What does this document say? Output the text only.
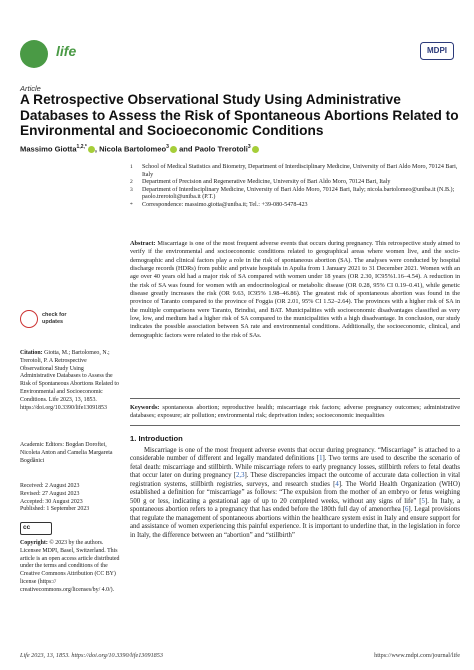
life	MDPI
Article
A Retrospective Observational Study Using Administrative Databases to Assess the Risk of Spontaneous Abortions Related to Environmental and Socioeconomic Conditions
Massimo Giotta$^{1,2,*}$ , Nicola Bartolomeo$^3$ and Paolo Trerotoli$^3$
1 School of Medical Statistics and Biometry, Department of Interdisciplinary Medicine, University of Bari Aldo Moro, 70124 Bari, Italy
2 Department of Precision and Regenerative Medicine, University of Bari Aldo Moro, 70124 Bari, Italy
3 Department of Interdisciplinary Medicine, University of Bari Aldo Moro, 70124 Bari, Italy; nicola.bartolomeo@uniba.it (N.B.); paolo.trerotoli@uniba.it (P.T.)
* Correspondence: massimo.giotta@uniba.it; Tel.: +39-080-5478-423
Abstract: Miscarriage is one of the most frequent adverse events that occurs during pregnancy. This retrospective study aimed to verify if the environmental and socioeconomic conditions related to geographical areas where women live, and the socio-demographic and clinical factors play a role in the risk of spontaneous abortion (SA). The analyses were conducted by hospital discharge records (HDRs) from public and private hospitals in Apulia from 1 January 2021 to 31 December 2021. Women with an age over 40 years old had a major risk of SA compared with women under 18 years (OR 2.30, IC95%1.16–4.54). A reduction in the risk of SA was found for women with an endocrinological or metabolic disease (OR 0.28, 95% CI 0.19–0.41), while genetic disease greatly increases the risk (OR 9.63, IC95% 1.98–46.86). The greatest risk of spontaneous abortion was found in the province of Taranto compared to the province of Foggia (OR 2.01, 95% CI 1.52–2.64). The provinces with a higher risk of SA in the multiple comparisons were Taranto, Brindisi, and BAT. Municipalities with socioeconomic disadvantages classified as very low, low, and medium had a higher risk of SA compared to the municipalities with a high disadvantage. In conclusion, our study indicates the possible association between SA rate and environmental conditions. Additionally, the socioeconomic, clinical, and demographic factors were related to the risk of SAs.
Keywords: spontaneous abortion; reproductive health; miscarriage risk factors; adverse pregnancy outcomes; administrative databases; exposure; air pollution; environmental risk; deprivation index; socioeconomic inequalities
1. Introduction
Miscarriage is one of the most frequent adverse events that occur during pregnancy. “Miscarriage” is attached to a considerable number of different and legally mandated definitions [1]. Two terms are used to describe the scenario of fetal death: miscarriage and stillbirth. While miscarriage refers to early pregnancy losses, stillbirth refers to fetal deaths that occur later on during pregnancy [2,3]. These discrepancies impact the outcome of accurate data collection in vital registration systems, stillbirth registries, surveys, and research studies [4]. The World Health Organization (WHO) established a definition for “miscarriage” as follows: “The expulsion from the mother of an embryo or fetus weighing 500 g or less, indicating a gestational age of up to 20 completed weeks, without any signs of life” [5]. In Italy, a spontaneous abortion refers to a pregnancy that has ended before the 180th full day of amenorrhea [6]. Legal provisions that regulate the management of spontaneous abortions within the healthcare system exist in Italy and ensure support for and assistance of women experiencing this painful experience. It is important to underline that, in the legislation in force in Italy, the difference between an “abortion” and “stillbirth”
check for
updates
Citation: Giotta, M.; Bartolomeo, N.; Trerotoli, P. A Retrospective Observational Study Using Administrative Databases to Assess the Risk of Spontaneous Abortions Related to Environmental and Socioeconomic Conditions. Life 2023, 13, 1853. https://doi.org/10.3390/life13091853
Academic Editors: Bogdan Doroftei, Nicoleta Anton and Camelia Margareta Bogdănici
Received: 2 August 2023
Revised: 27 August 2023
Accepted: 30 August 2023
Published: 1 September 2023
cc
Copyright: © 2023 by the authors. Licensee MDPI, Basel, Switzerland. This article is an open access article distributed under the terms and conditions of the Creative Commons Attribution (CC BY) license (https:// creativecommons.org/licenses/by/ 4.0/).
Life 2023, 13, 1853. https://doi.org/10.3390/life13091853	https://www.mdpi.com/journal/life
